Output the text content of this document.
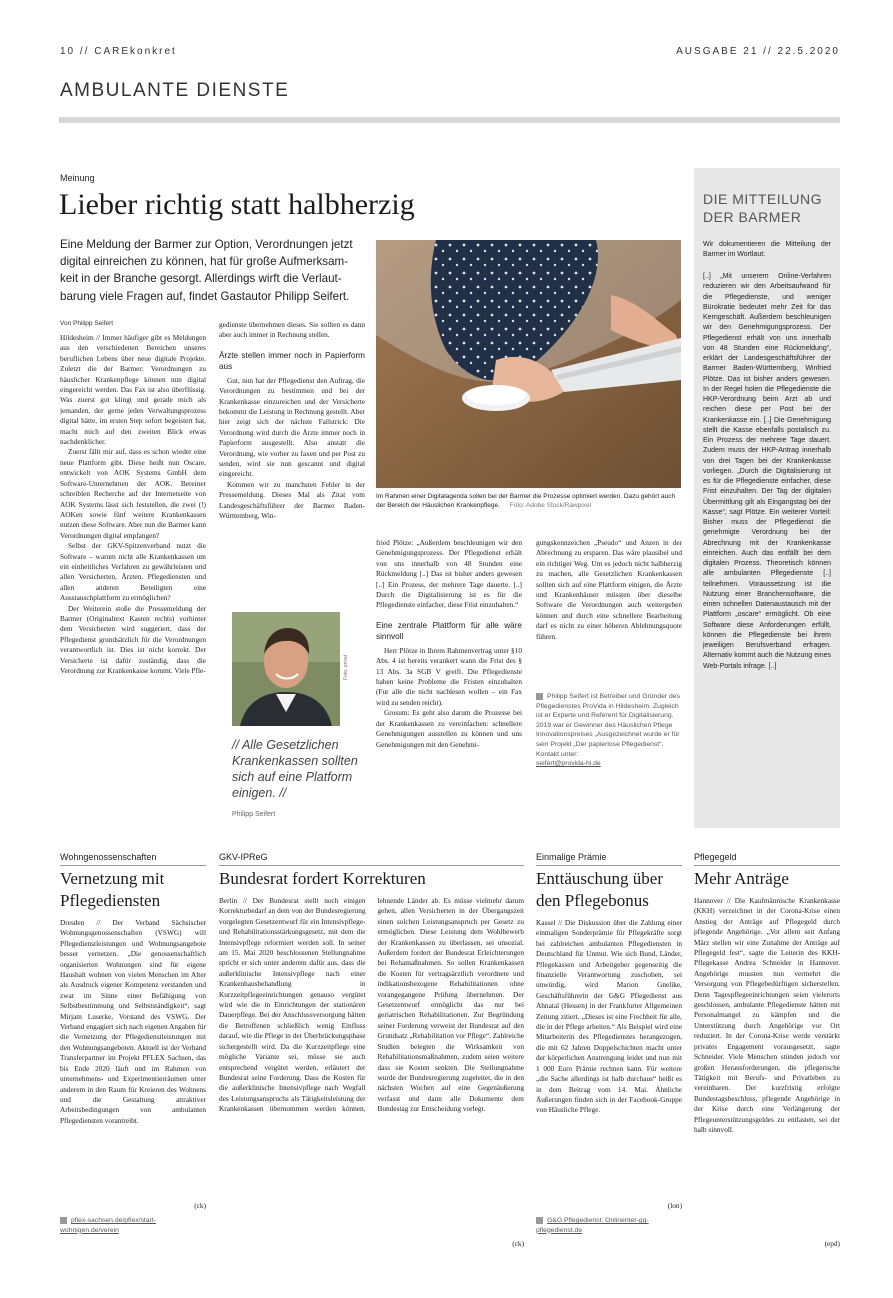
10 // CAREkonkret	AUSGABE 21 // 22.5.2020
AMBULANTE DIENSTE
Meinung
Lieber richtig statt halbherzig
Eine Meldung der Barmer zur Option, Verordnungen jetzt
digital einreichen zu können, hat für große Aufmerksam-
keit in der Branche gesorgt. Allerdings wirft die Verlaut-
barung viele Fragen auf, findet Gastautor Philipp Seifert.
Von Philipp Seifert

Hildesheim // Immer häufiger gibt es Meldungen aus den verschiedenen Bereichen unseres beruflichen Lebens über neue digitale Projekte. Zuletzt die der Barmer: Verordnungen zu häuslicher Krankenpflege können nun digital eingereicht werden. Das Fax ist also überflüssig. Was zuerst gut klingt und gerade mich als jemanden, der gerne jeden Verwaltungsprozess digital hätte, im ersten Step sofort begeistert hat, macht mich auf den zweiten Blick etwas nachdenklicher.

Zuerst fällt mir auf, dass es schon wieder eine neue Plattform gibt. Diese heißt nun Oscare, entwickelt von AOK Systems GmbH dem Software-Unternehmen der AOK. Bereiner schreiblen Recherche auf der Internetseite von AOK Systems lässt sich feststellen, die zwei (!) AOKen sowie fünf weitere Krankenkassen nutzen diese Software. Aber nun die Barmer kann Verordnungen digital empfangen?

Selbst der GKV-Spitzenverband nutzt die Software – warum nicht alle Krankenkassen um ein einheitliches Verfahren zu gewährleisten und allen Versicherten, Ärzten, Pflegediensten und allen anderen Beteiligten eine Ausstauschplattform zu ermöglichen?

Der Weiterein stoße die Pressemeldung der Barmer (Originaltext Kasten rechts) vorhinter dem Versicherten wird suggeriert, dass der Pflegedienst grundsätzlich für die Verordnungen verantwortlich ist. Dies ist nicht korrekt. Der Versicherte ist dafür zuständig, dass die Verordnung zur Krankenkasse kommt. Viele Pfle-

gedienste übernehmen dieses. Sie sollten es dann aber auch immer in Rechnung stellen.

Ärzte stellen immer noch in Papierform aus

Gut, nun hat der Pflegedienst den Auftrag, die Verordnungen zu bestimmen und bei der Krankenkasse einzureichen und der Versicherte bekommt die Leistung in Rechnung gestellt. Aber hier zeigt sich der nächste Fallstrick: Die Verordnung wird durch die Ärzte immer noch in Papierform ausgestellt. Also anstatt die Verordnung, wie vorher zu faxen und per Post zu senden, wird sie nun gescannt und digital eingereicht.

Kommen wir zu manchsten Fehler in der Pressemeldung. Dieses Mal als Zitat vom Landesgeschäftsführer der Barmer Baden-Württemberg, Win-

Im Rahmen einer Digitalagenda sollen bei der Barmer die Prozesse optimiert werden. Dazu gehört auch der Bereich der Häuslichen Krankenpflege. Foto: Adobe Stock/Rawpixel
Foto: privat
// Alle Gesetzlichen Krankenkassen sollten sich auf eine Platform einigen. //
Philipp Seifert

fried Plötze: „Außerdem beschleunigen wir den Genehmigungsprozess. Der Pflegedienst erhält von uns innerhalb von 48 Stunden eine Rückmeldung [..] Das ist bisher anders gewesen [..] Ein Prozess, der mehrere Tage dauerte. [..] Durch die Digitalisierung ist es für die Pflegedienste einfacher, diese Frist einzuhalten.“

Eine zentrale Plattform für alle wäre sinnvoll

Herr Plötze in Ihrem Rahmenvertrag unter §10 Abs. 4 ist bereits verankert wann die Frist des § 13 Abs. 3a SGB V greift. Die Pflegedienste haben keine Probleme die Fristen einzuhalten (Fur alle die nicht nachlesen wollen – ein Fax wird zu senden reicht).

Grosum: Es geht also darum die Prozesse bei der Krankenkassen zu vereinfachen: schnellere Genehmigungen ausstellen zu können und uns Genehmigungen mit den Genehmi-

gungskennzeichen „Pseudo“ und Anzen in der Abrechnung zu ersparen. Das wäre plausibel und ein richtiger Weg. Um es jedoch nicht halbherzig zu machen, alle Gesetzlichen Krankenkassen sollten sich auf eine Plattform einigen, die Ärzte und Krankenhäuser müssten über dieselbe Software die Verordnungen auch weitergeben können und durch eine schnellere Bearbeitung darf es nicht zu einer höheren Ablehnungsquote führen.

Philipp Seifert ist Betreiber und Gründer des Pflegedienstes ProVida in Hildesheim. Zugleich ist er Experte und Referent für Digitalisierung. 2019 war er Gewinner des Häuslichen Pflege Innovationspreises „Ausgezeichnet wurde er für sein Projekt „Der papierlose Pflegedienst“.
Kontakt unter:
seifert@provida-hi.de
DIE MITTEILUNG
DER BARMER
Wir dokumentieren die Mitteilung der Barmer im Wortlaut:
[..] „Mit unserem Online-Verfahren reduzieren wir den Arbeitsaufwand für die Pflegedienste, und weniger Bürokratie bedeutet mehr Zeit für das Kerngeschäft. Außerdem beschleunigen wir den Genehmigungsprozess. Der Pflegedienst erhält von uns innerhalb von 48 Stunden eine Rückmeldung“, erklärt der Landesgeschäftsführer der Barmer Baden-Württemberg, Winfried Plötze. Das ist bisher anders gewesen. In der Regel holen die Pflegedienste die HKP-Verordnung beim Arzt ab und reichen diese per Post bei der Krankenkasse ein. [..] Die Genehmigung stellt die Kasse ebenfalls postalisch zu. Ein Prozess der mehrere Tage dauert. Zudem muss der HKP-Antrag innerhalb von drei Tagen bei der Krankenkasse vorliegen. „Durch die Digitalisierung ist es für die Pflegedienste einfacher, diese Frist einzuhalten. Der Tag der digitalen Übermittlung gilt als Eingangstag bei der Kasse“, sagt Plötze. Ein weiterer Vorteil: Bisher muss der Pflegedienst die genehmigte Verordnung bei der Abrechnung mit der Krankenkasse einreichen. Auch das entfällt bei dem digitalen Prozess. Theoretisch können alle ambulanten Pflegedienste [..] teilnehmen. Voraussetzung ist die Nutzung einer Branchensoftware, die einen schnellen Datenaustausch mit der Plattform „oscare“ ermöglicht. Ob eine Software diese Anforderungen erfüllt, können die Pflegedienste bei ihrem jeweiligen Berufsverband erfragen. Alternativ kommt auch die Nutzung eines Web-Portals infrage. [..]
Wohngenossenschaften
Vernetzung mit
Pflegediensten

Dresden // Der Verband Sächsischer Wohnungsgenossenschaften (VSWG) will Pflegedienstleistungen und Wohnungsangebote besser vernetzen. „Die genossenschaftlich organisierten Wohnungen sind für eigene Haushalt wohnen von vielen Menschen im Alter als Ausdruck eigener Kompetenz verstanden und zwar im Sinne einer Befähigung von Selbstbestimmung und Selbstständigkeit“, sagt Mirjam Luserke, Vorstand des VSWG. Der Verband engagiert sich nach eigenen Angaben für die Vernetzung der Pflegedienstleistungen mit den Wohnungsangeboten. Aktuell ist der Verband Transferpartner im Projekt PFLEX Sachsen, das bis Ende 2020 läuft und im Rahmen von unternehmens- und Experimentierräumen unter anderem in den Raum für Kreieren des Wohnens und die Gestaltung attraktiver Arbeitsbedingungen von ambulanten Pflegediensten vorantreibt.

(ck)
pflex-sachsen.de/pflex/start-wohnigen.de/verein
GKV-IPReG
Bundesrat fordert Korrekturen

Berlin // Der Bundesrat stellt noch einigen Korrekturbedarf an dem von der Bundesregierung vorgelegten Gesetzentwurf für ein Intensivpflege- und Rehabilitationsstärkungsgesetz, mit dem die Intensivpflege reformiert werden soll. In seiner am 15. Mai 2020 beschlossenen Stellungnahme spricht er sich unter anderem dafür aus, dass die außerklinische Intensivpflege nach einer Krankenhausbehandlung in Kurzzeitpflegeeinrichtungen genauso vergütet wird wie die in Einrichtungen der stationären Dauerpflege. Bei der Anschlussversorgung hätten die Betroffenen schließlich wenig Einfluss darauf, wie die Pflege in der Überbrückungsphase sichergestellt wird. Da die Kurzzeitpflege eine mögliche Variante sei, müsse sie auch entsprechend vergütet werden, erläutert der Bundesrat seine Forderung. Dass die Kosten für die außerklinische Intensivpflege nach Wegfall des Leistungsanspruchs als Tätigkeitsleistung der Krankenkassen übernommen werden können, lehnende Länder ab. Es müsse vielmehr darum gehen, allen Versicherten in der Übergangszeit einen solchen Leistungsanspruch per Gesetz zu ermöglichen. Diese Leistung dem Wohlbewerb der Krankenkassen zu überlassen, sei unsozial. Außerdem fordert der Bundesrat Erleichterungen bei Rehamaßnahmen. So sollen Krankenkassen die Kosten für vertragsärztlich verordnete und indikationsbezogene Rehabilitationen ohne vorangegangene Prüfung übernehmen. Der Gesetzentwurf ermöglicht das nur bei geriatrischen Rehabilitationen. Zur Begründung seiner Forderung verweist der Bundesrat auf den Grundsatz „Rehabilitation vor Pflege“. Zahlreiche Studien belegten die Wirksamkeit von Rehabilitationsmaßnahmen, zudem seien weitere dass sie Kosten senkten. Die Stellungnahme wurde der Bundesregierung zugeleitet, die in den nächsten Wochen auf eine Gegenäußerung verfasst und dann alle Dokumente dem Bundestag zur Entscheidung vorlegt.

(ck)
Einmalige Prämie
Enttäuschung über
den Pflegebonus

Kassel // Die Diskussion über die Zahlung einer einmaligen Sonderprämie für Pflegekräfte sorgt bei zahlreichen ambulanten Pflegediensten in Deutschland für Unmut. Wie sich Bund, Länder, Pflegekassen und Arbeitgeber gegenseitig die finanzielle Verantwortung zuschoben, sei unwürdig, wird Marion Gnelike, Geschäftsführerin der G&G Pflegedienst aus Ahnatal (Hessen) in der Frankfurter Allgemeinen Zeitung zitiert. „Dieses ist eine Frechheit für alle, die in der Pflege arbeiten.“ Als Beispiel wird eine Mitarbeiterin des Pflegedienstes herangezogen, die mit 62 Jahren Doppelschichten macht unter der körperlichen Anstrengung leidet und nun mit 1 000 Euro Prämie rechnen kann. Für weitere „die Sache allerdings ist halb durchaus“ heißt es in dem Beitrag vom 14. Mai. Ähnliche Äußerungen finden sich in der Facebook-Gruppe von Häusliche Pflege.

(lon)
G&G Pflegedienst: Onlinenter-gg-pflegedienst.de
Pflegegeld
Mehr Anträge

Hannover // Die Kaufmännische Krankenkasse (KKH) verzeichnet in der Corona-Krise einen Anstieg der Anträge auf Pflegegeld durch pflegende Angehörige. „Vor allem seit Anfang März stellen wir eine Zunahme der Anträge auf Pflegegeld fest“, sagte die Leiterin des KKH-Pflegekasse Andrea Schneider in Hannover. Angehörige mussten nun vermehrt die Versorgung von Pflegebedürftigen sicherstellen. Denn Tagespflegeeinrichtungen seien vielerorts geschlossen, ambulante Pflegedienste hätten mit Personalmangel zu kämpfen und die Unterstützung durch Angehörige vor Ort reduziert. In der Corona-Krise werde verstärkt privates Engagement vorausgesetzt, sagte Schneider. Viele Menschen stünden jedoch vor großen Herausforderungen, die pflegerische Tätigkeit mit Berufs- und Privatleben zu vereinbaren. Der kurzfristig erfolgte Bundestagsbeschluss, pflegende Angehörige in der Krise durch eine Verlängerung der Pflegeunterstützungsgeldes zu entlasten, sei der halb sinnvoll.

(epd)
